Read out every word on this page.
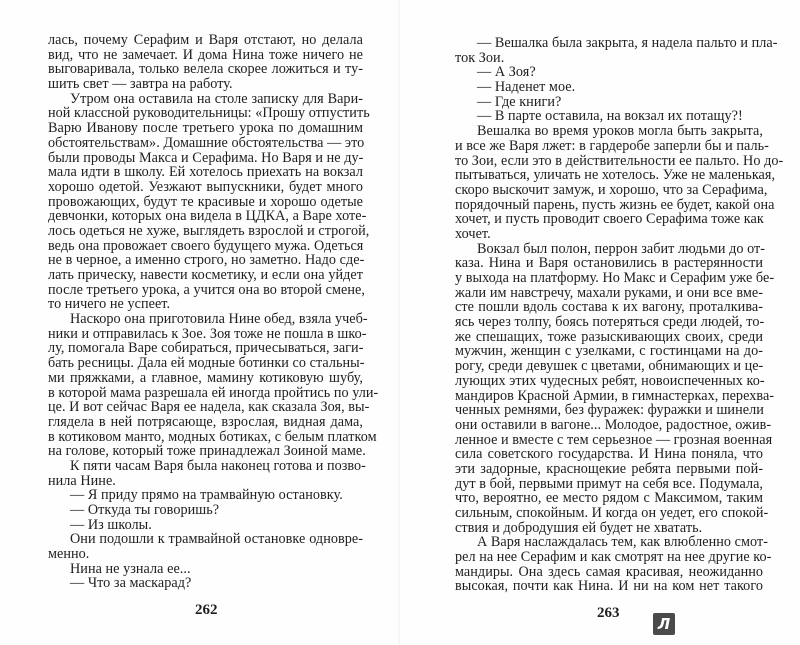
лась, почему Серафим и Варя отстают, но делала
вид, что не замечает. И дома Нина тоже ничего не
выговаривала, только велела скорее ложиться и ту-
шить свет — завтра на работу.
Утром она оставила на столе записку для Вари-
ной классной руководительницы: «Прошу отпустить
Варю Иванову после третьего урока по домашним
обстоятельствам». Домашние обстоятельства — это
были проводы Макса и Серафима. Но Варя и не ду-
мала идти в школу. Ей хотелось приехать на вокзал
хорошо одетой. Уезжают выпускники, будет много
провожающих, будут те красивые и хорошо одетые
девчонки, которых она видела в ЦДКА, а Варе хоте-
лось одеться не хуже, выглядеть взрослой и строгой,
ведь она провожает своего будущего мужа. Одеться
не в черное, а именно строго, но заметно. Надо сде-
лать прическу, навести косметику, и если она уйдет
после третьего урока, а учится она во второй смене,
то ничего не успеет.
Наскоро она приготовила Нине обед, взяла учеб-
ники и отправилась к Зое. Зоя тоже не пошла в шко-
лу, помогала Варе собираться, причесываться, заги-
бать ресницы. Дала ей модные ботинки со стальны-
ми пряжками, а главное, мамину котиковую шубу,
в которой мама разрешала ей иногда пройтись по ули-
це. И вот сейчас Варя ее надела, как сказала Зоя, вы-
глядела в ней потрясающе, взрослая, видная дама,
в котиковом манто, модных ботиках, с белым платком
на голове, который тоже принадлежал Зоиной маме.
К пяти часам Варя была наконец готова и позво-
нила Нине.
— Я приду прямо на трамвайную остановку.
— Откуда ты говоришь?
— Из школы.
Они подошли к трамвайной остановке одновре-
менно.
Нина не узнала ее...
— Что за маскарад?
262
— Вешалка была закрыта, я надела пальто и пла-
ток Зои.
— А Зоя?
— Наденет мое.
— Где книги?
— В парте оставила, на вокзал их потащу?!
Вешалка во время уроков могла быть закрыта,
и все же Варя лжет: в гардеробе заперли бы и паль-
то Зои, если это в действительности ее пальто. Но до-
пытываться, уличать не хотелось. Уже не маленькая,
скоро выскочит замуж, и хорошо, что за Серафима,
порядочный парень, пусть жизнь ее будет, какой она
хочет, и пусть проводит своего Серафима тоже как
хочет.
Вокзал был полон, перрон забит людьми до от-
каза. Нина и Варя остановились в растерянности
у выхода на платформу. Но Макс и Серафим уже бе-
жали им навстречу, махали руками, и они все вме-
сте пошли вдоль состава к их вагону, проталкива-
ясь через толпу, боясь потеряться среди людей, то-
же спешащих, тоже разыскивающих своих, среди
мужчин, женщин с узелками, с гостинцами на до-
рогу, среди девушек с цветами, обнимающих и це-
лующих этих чудесных ребят, новоиспеченных ко-
мандиров Красной Армии, в гимнастерках, перехва-
ченных ремнями, без фуражек: фуражки и шинели
они оставили в вагоне... Молодое, радостное, ожив-
ленное и вместе с тем серьезное — грозная военная
сила советского государства. И Нина поняла, что
эти задорные, краснощекие ребята первыми пой-
дут в бой, первыми примут на себя все. Подумала,
что, вероятно, ее место рядом с Максимом, таким
сильным, спокойным. И когда он уедет, его спокой-
ствия и добродушия ей будет не хватать.
А Варя наслаждалась тем, как влюбленно смот-
рел на нее Серафим и как смотрят на нее другие ко-
мандиры. Она здесь самая красивая, неожиданно
высокая, почти как Нина. И ни на ком нет такого
263
Л
